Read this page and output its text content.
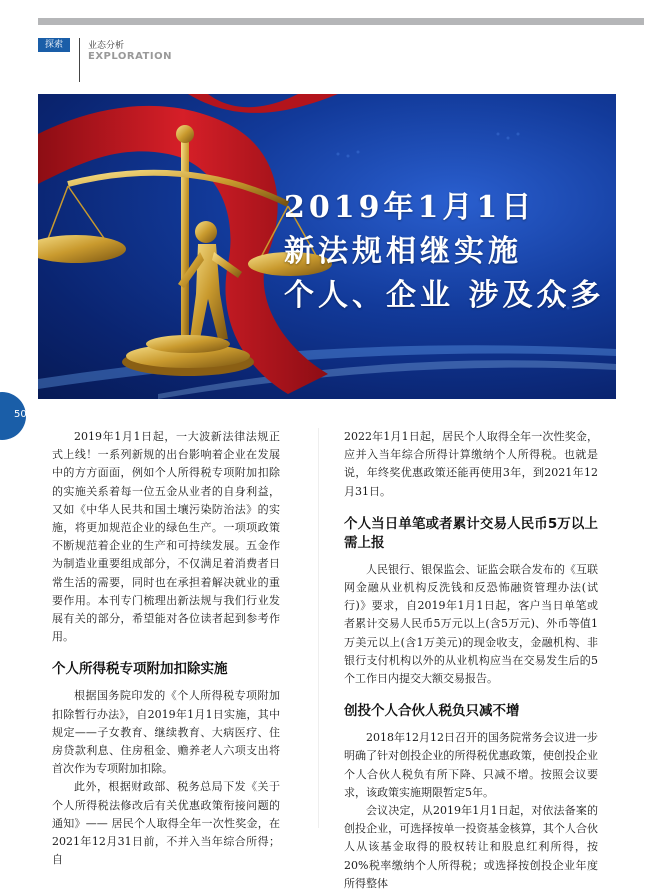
探索	业态分析
EXPLORATION
2019年1月1日
新法规相继实施
个人、企业 涉及众多
50

2019年1月1日起，一大波新法律法规正式上线！一系列新规的出台影响着企业在发展中的方方面面，例如个人所得税专项附加扣除的实施关系着每一位五金从业者的自身利益，又如《中华人民共和国土壤污染防治法》的实施，将更加规范企业的绿色生产。一项项政策不断规范着企业的生产和可持续发展。五金作为制造业重要组成部分，不仅满足着消费者日常生活的需要，同时也在承担着解决就业的重要作用。本刊专门梳理出新法规与我们行业发展有关的部分，希望能对各位读者起到参考作用。

个人所得税专项附加扣除实施

根据国务院印发的《个人所得税专项附加扣除暂行办法》，自2019年1月1日实施，其中规定——子女教育、继续教育、大病医疗、住房贷款利息、住房租金、赡养老人六项支出将首次作为专项附加扣除。

此外，根据财政部、税务总局下发《关于个人所得税法修改后有关优惠政策衔接问题的通知》—— 居民个人取得全年一次性奖金，在2021年12月31日前，不并入当年综合所得；自

2022年1月1日起，居民个人取得全年一次性奖金，应并入当年综合所得计算缴纳个人所得税。也就是说，年终奖优惠政策还能再使用3年，到2021年12月31日。

个人当日单笔或者累计交易人民币5万以上需上报

人民银行、银保监会、证监会联合发布的《互联网金融从业机构反洗钱和反恐怖融资管理办法(试行)》要求，自2019年1月1日起，客户当日单笔或者累计交易人民币5万元以上(含5万元)、外币等值1万美元以上(含1万美元)的现金收支，金融机构、非银行支付机构以外的从业机构应当在交易发生后的5个工作日内提交大额交易报告。

创投个人合伙人税负只减不增

2018年12月12日召开的国务院常务会议进一步明确了针对创投企业的所得税优惠政策，使创投企业个人合伙人税负有所下降、只减不增。按照会议要求，该政策实施期限暂定5年。

会议决定，从2019年1月1日起，对依法备案的创投企业，可选择按单一投资基金核算，其个人合伙人从该基金取得的股权转让和股息红利所得，按20%税率缴纳个人所得税；或选择按创投企业年度所得整体
